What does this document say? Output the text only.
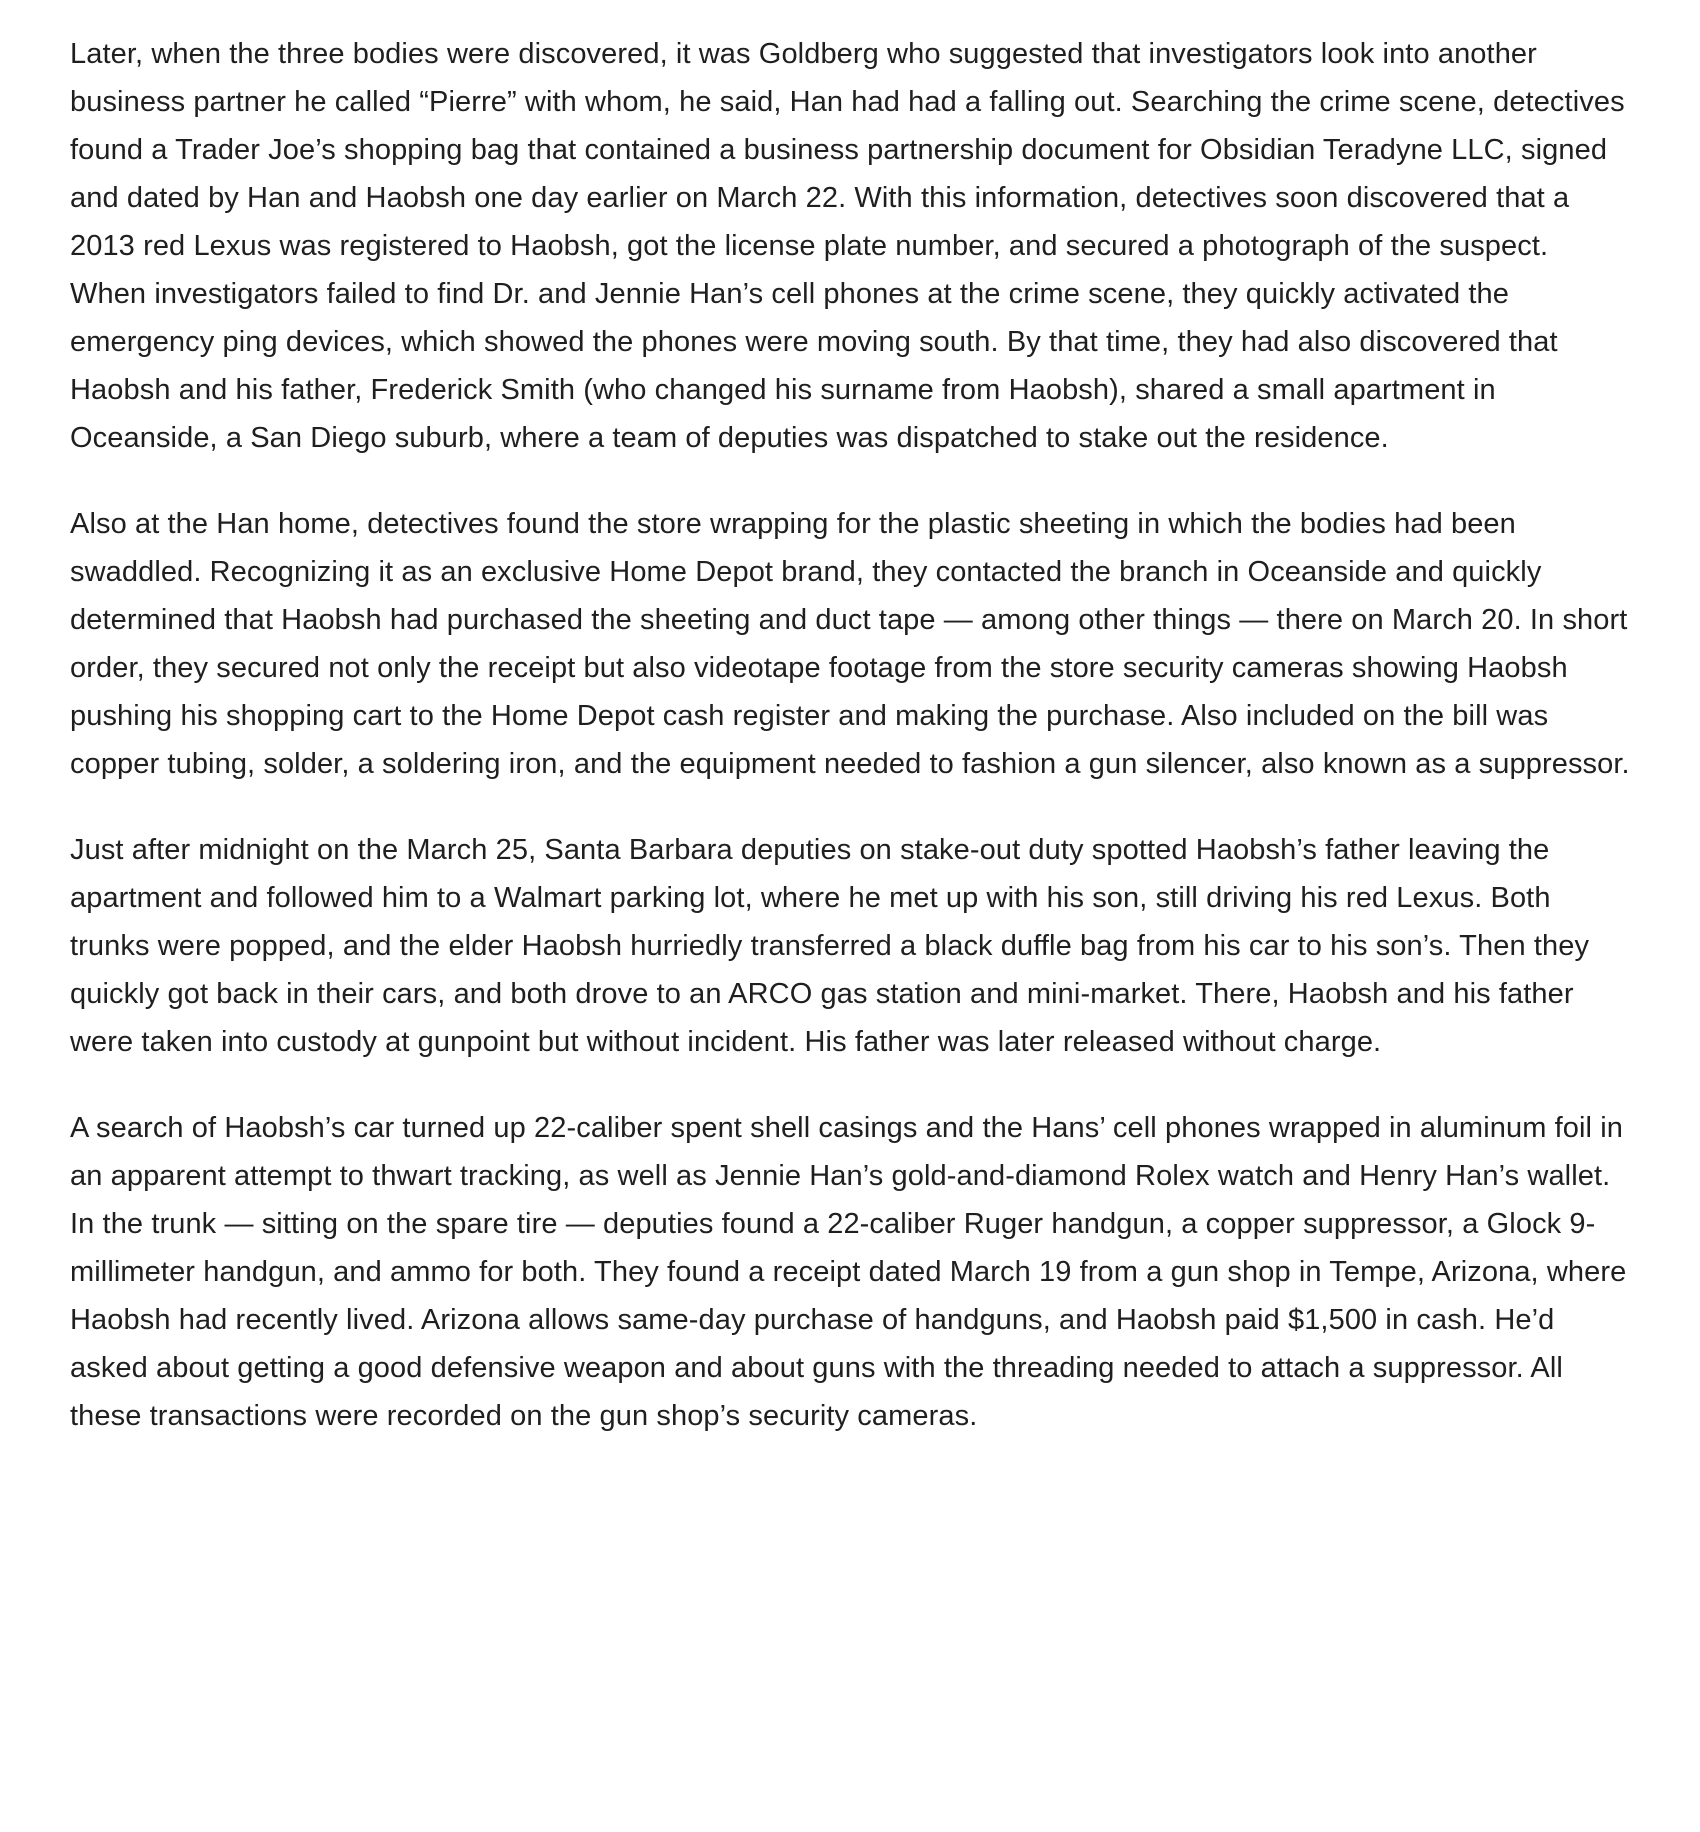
Later, when the three bodies were discovered, it was Goldberg who suggested that investigators look into another business partner he called “Pierre” with whom, he said, Han had had a falling out. Searching the crime scene, detectives found a Trader Joe’s shopping bag that contained a business partnership document for Obsidian Teradyne LLC, signed and dated by Han and Haobsh one day earlier on March 22. With this information, detectives soon discovered that a 2013 red Lexus was registered to Haobsh, got the license plate number, and secured a photograph of the suspect. When investigators failed to find Dr. and Jennie Han’s cell phones at the crime scene, they quickly activated the emergency ping devices, which showed the phones were moving south. By that time, they had also discovered that Haobsh and his father, Frederick Smith (who changed his surname from Haobsh), shared a small apartment in Oceanside, a San Diego suburb, where a team of deputies was dispatched to stake out the residence.

Also at the Han home, detectives found the store wrapping for the plastic sheeting in which the bodies had been swaddled. Recognizing it as an exclusive Home Depot brand, they contacted the branch in Oceanside and quickly determined that Haobsh had purchased the sheeting and duct tape — among other things — there on March 20. In short order, they secured not only the receipt but also videotape footage from the store security cameras showing Haobsh pushing his shopping cart to the Home Depot cash register and making the purchase. Also included on the bill was copper tubing, solder, a soldering iron, and the equipment needed to fashion a gun silencer, also known as a suppressor.

Just after midnight on the March 25, Santa Barbara deputies on stake-out duty spotted Haobsh’s father leaving the apartment and followed him to a Walmart parking lot, where he met up with his son, still driving his red Lexus. Both trunks were popped, and the elder Haobsh hurriedly transferred a black duffle bag from his car to his son’s. Then they quickly got back in their cars, and both drove to an ARCO gas station and mini-market. There, Haobsh and his father were taken into custody at gunpoint but without incident. His father was later released without charge.

A search of Haobsh’s car turned up 22-caliber spent shell casings and the Hans’ cell phones wrapped in aluminum foil in an apparent attempt to thwart tracking, as well as Jennie Han’s gold-and-diamond Rolex watch and Henry Han’s wallet. In the trunk — sitting on the spare tire — deputies found a 22-caliber Ruger handgun, a copper suppressor, a Glock 9-millimeter handgun, and ammo for both. They found a receipt dated March 19 from a gun shop in Tempe, Arizona, where Haobsh had recently lived. Arizona allows same-day purchase of handguns, and Haobsh paid $1,500 in cash. He’d asked about getting a good defensive weapon and about guns with the threading needed to attach a suppressor. All these transactions were recorded on the gun shop’s security cameras.
